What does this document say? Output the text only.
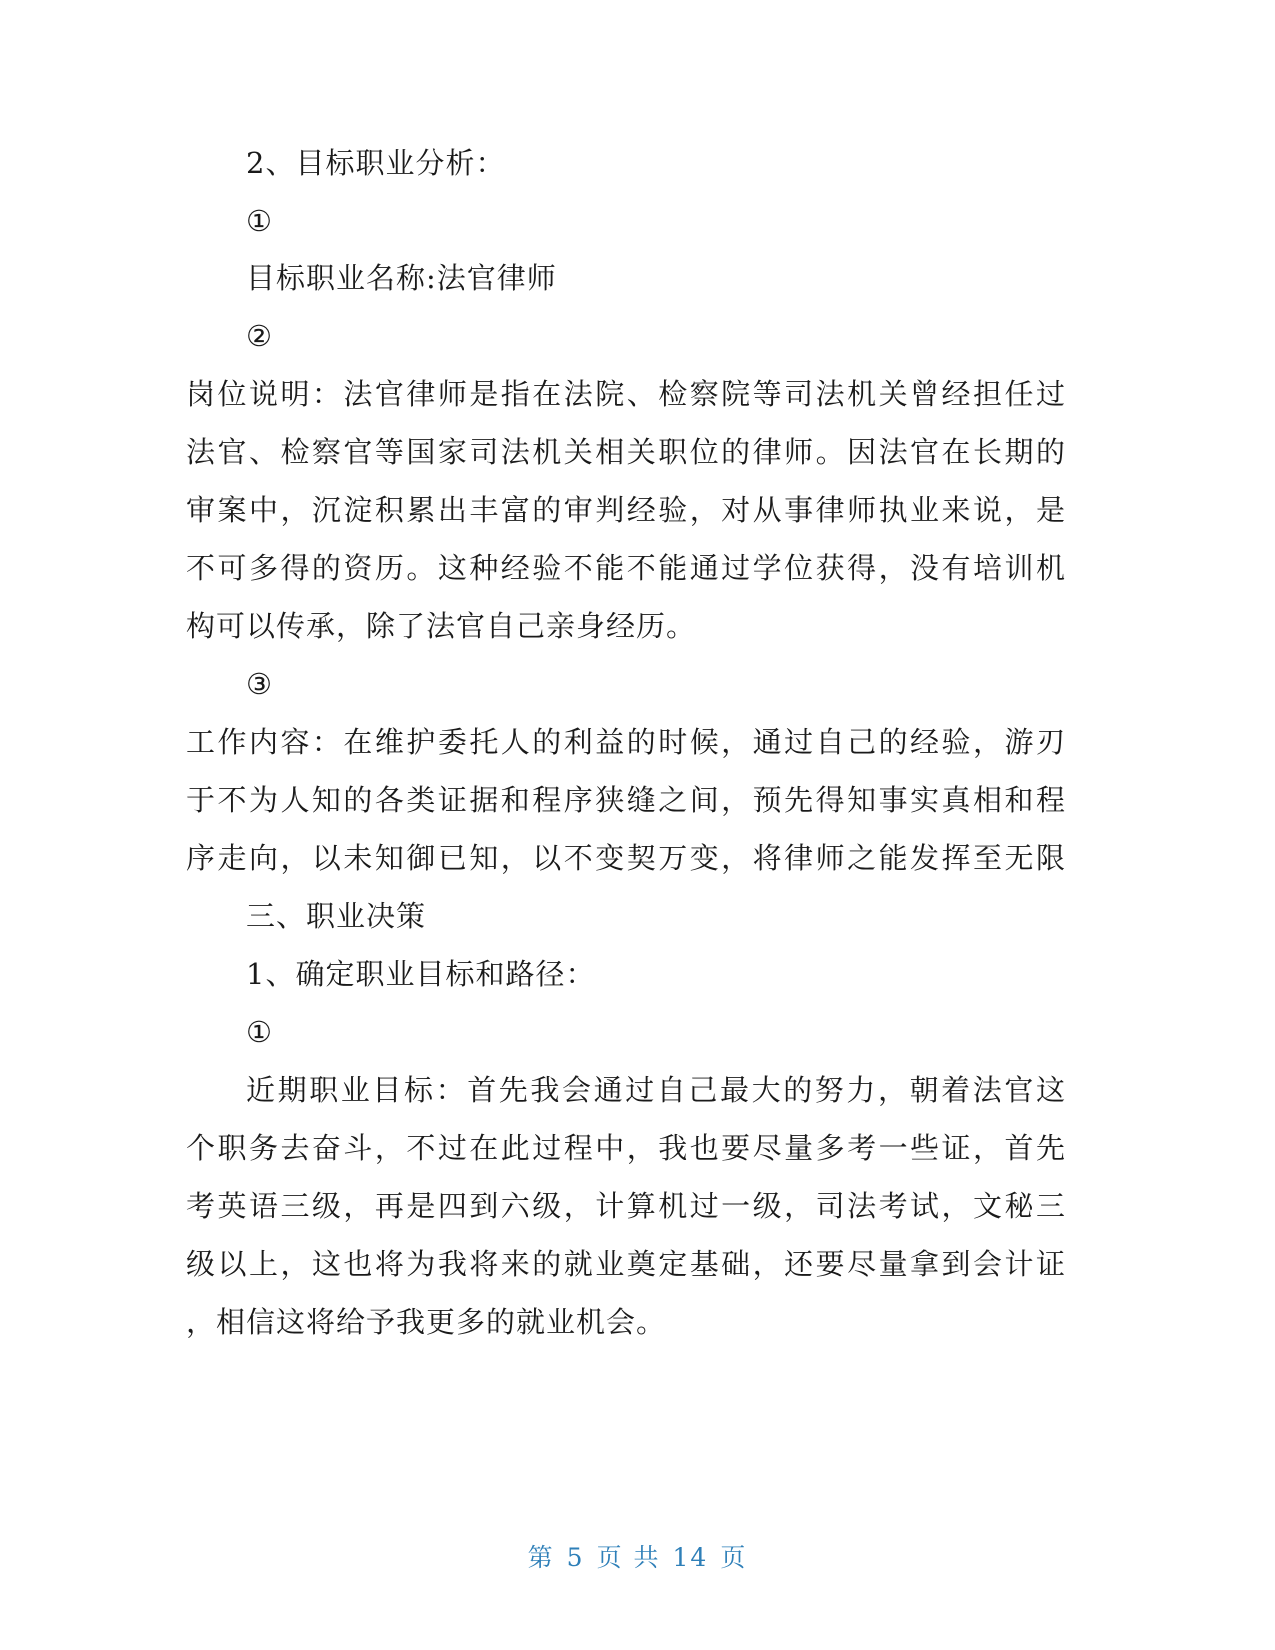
2、目标职业分析：
①
目标职业名称:法官律师
②
岗位说明：法官律师是指在法院、检察院等司法机关曾经担任过
法官、检察官等国家司法机关相关职位的律师。因法官在长期的
审案中，沉淀积累出丰富的审判经验，对从事律师执业来说，是
不可多得的资历。这种经验不能不能通过学位获得，没有培训机
构可以传承，除了法官自己亲身经历。
③
工作内容：在维护委托人的利益的时候，通过自己的经验，游刃
于不为人知的各类证据和程序狭缝之间，预先得知事实真相和程
序走向，以未知御已知，以不变契万变，将律师之能发挥至无限
三、职业决策
1、确定职业目标和路径：
①
近期职业目标：首先我会通过自己最大的努力，朝着法官这
个职务去奋斗，不过在此过程中，我也要尽量多考一些证，首先
考英语三级，再是四到六级，计算机过一级，司法考试，文秘三
级以上，这也将为我将来的就业奠定基础，还要尽量拿到会计证
，相信这将给予我更多的就业机会。
第 5 页 共 14 页
